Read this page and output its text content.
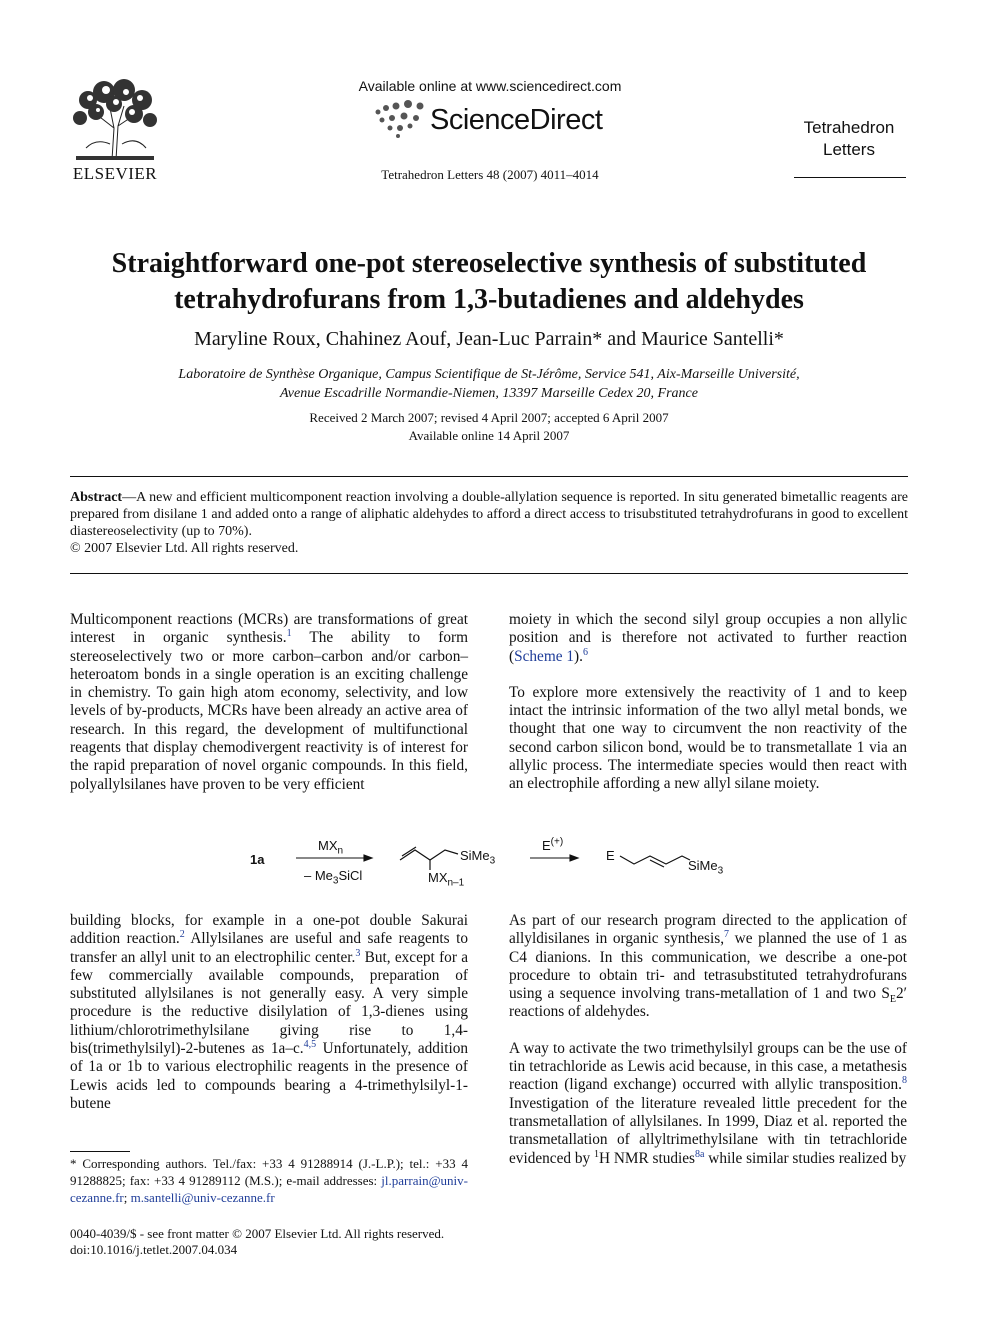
ELSEVIER
Available online at www.sciencedirect.com
ScienceDirect
Tetrahedron Letters 48 (2007) 4011–4014
Tetrahedron
Letters
Straightforward one-pot stereoselective synthesis of substituted
tetrahydrofurans from 1,3-butadienes and aldehydes
Maryline Roux, Chahinez Aouf, Jean-Luc Parrain* and Maurice Santelli*
Laboratoire de Synthèse Organique, Campus Scientifique de St-Jérôme, Service 541, Aix-Marseille Université,
Avenue Escadrille Normandie-Niemen, 13397 Marseille Cedex 20, France
Received 2 March 2007; revised 4 April 2007; accepted 6 April 2007
Available online 14 April 2007
Abstract—A new and efficient multicomponent reaction involving a double-allylation sequence is reported. In situ generated bimetallic reagents are prepared from disilane 1 and added onto a range of aliphatic aldehydes to afford a direct access to trisubstituted tetrahydrofurans in good to excellent diastereoselectivity (up to 70%).
© 2007 Elsevier Ltd. All rights reserved.

Multicomponent reactions (MCRs) are transformations of great interest in organic synthesis.$^1$ The ability to form stereoselectively two or more carbon–carbon and/or carbon–heteroatom bonds in a single operation is an exciting challenge in chemistry. To gain high atom economy, selectivity, and low levels of by-products, MCRs have been already an active area of research. In this regard, the development of multifunctional reagents that display chemodivergent reactivity is of interest for the rapid preparation of novel organic compounds. In this field, polyallylsilanes have proven to be very efficient

moiety in which the second silyl group occupies a non allylic position and is therefore not activated to further reaction (Scheme 1).$^6$

To explore more extensively the reactivity of 1 and to keep intact the intrinsic information of the two allyl metal bonds, we thought that one way to circumvent the non reactivity of the second carbon silicon bond, would be to transmetallate 1 via an allylic process. The intermediate species would then react with an electrophile affording a new allyl silane moiety.

1a
$MX_n$
– $Me_3SiCl$
SiMe$_3$
$MX_{n-1}$
E(+)
E
SiMe$_3$

building blocks, for example in a one-pot double Sakurai addition reaction.$^2$ Allylsilanes are useful and safe reagents to transfer an allyl unit to an electrophilic center.$^3$ But, except for a few commercially available compounds, preparation of substituted allylsilanes is not generally easy. A very simple procedure is the reductive disilylation of 1,3-dienes using lithium/chlorotrimethylsilane giving rise to 1,4-bis(trimethylsilyl)-2-butenes as 1a–c.$^{4,5}$ Unfortunately, addition of 1a or 1b to various electrophilic reagents in the presence of Lewis acids led to compounds bearing a 4-trimethylsilyl-1-butene

As part of our research program directed to the application of allyldisilanes in organic synthesis,$^7$ we planned the use of 1 as C4 dianions. In this communication, we describe a one-pot procedure to obtain tri- and tetrasubstituted tetrahydrofurans using a sequence involving trans-metallation of 1 and two $S_E2'$ reactions of aldehydes.

A way to activate the two trimethylsilyl groups can be the use of tin tetrachloride as Lewis acid because, in this case, a metathesis reaction (ligand exchange) occurred with allylic transposition.$^8$ Investigation of the literature revealed little precedent for the transmetallation of allylsilanes. In 1999, Diaz et al. reported the transmetallation of allyltrimethylsilane with tin tetrachloride evidenced by $^1$H NMR studies$^{8a}$ while similar studies realized by

* Corresponding authors. Tel./fax: +33 4 91288914 (J.-L.P.); tel.: +33 4 91288825; fax: +33 4 91289112 (M.S.); e-mail addresses: jl.parrain@univ-cezanne.fr; m.santelli@univ-cezanne.fr
0040-4039/$ - see front matter © 2007 Elsevier Ltd. All rights reserved.
doi:10.1016/j.tetlet.2007.04.034
